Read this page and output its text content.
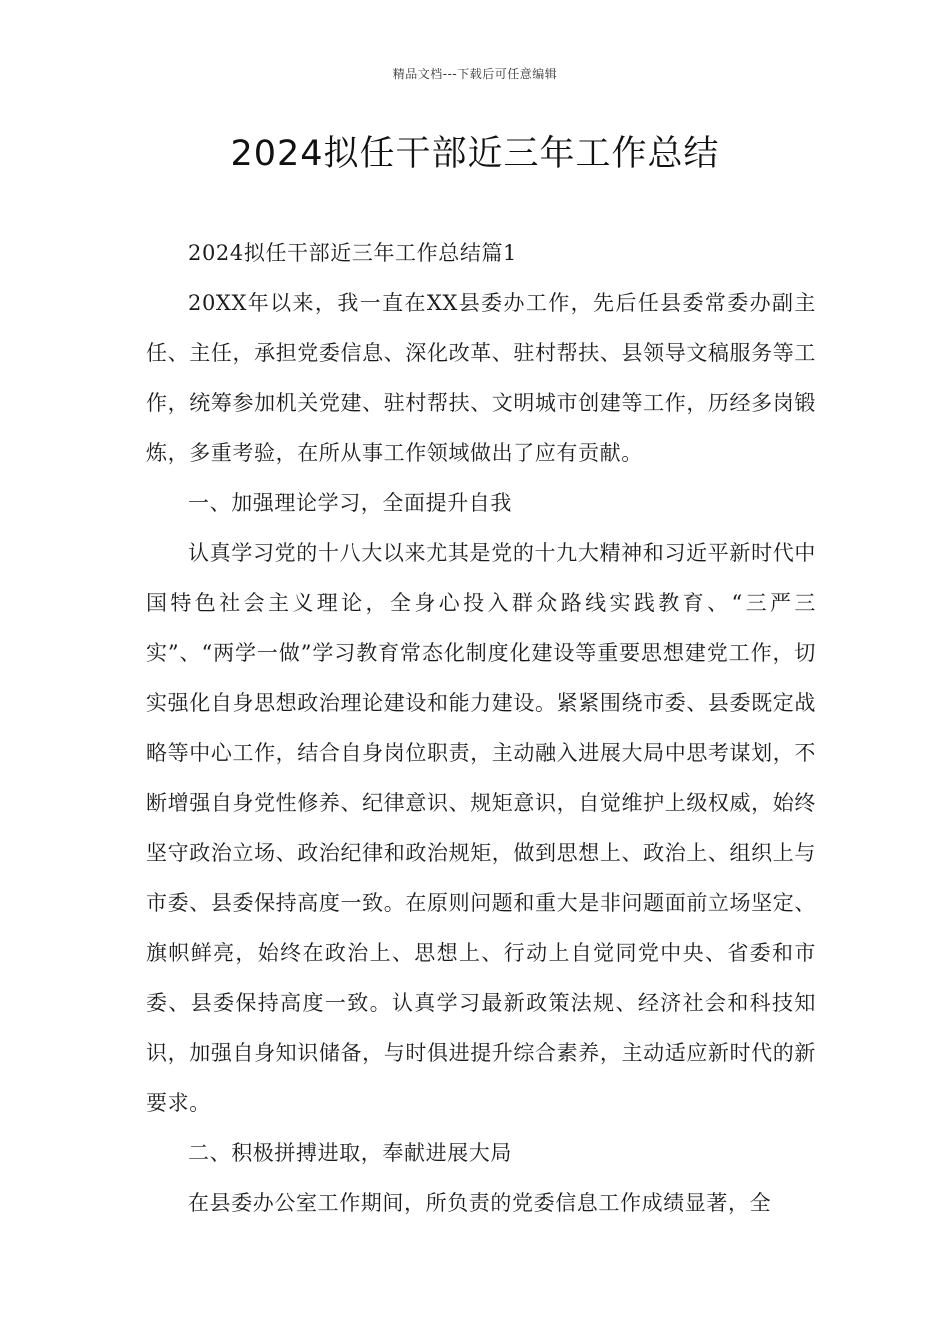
精品文档---下载后可任意编辑
2024拟任干部近三年工作总结

2024拟任干部近三年工作总结篇1

20XX年以来，我一直在XX县委办工作，先后任县委常委办副主任、主任，承担党委信息、深化改革、驻村帮扶、县领导文稿服务等工作，统筹参加机关党建、驻村帮扶、文明城市创建等工作，历经多岗锻炼，多重考验，在所从事工作领域做出了应有贡献。

一、加强理论学习，全面提升自我

认真学习党的十八大以来尤其是党的十九大精神和习近平新时代中国特色社会主义理论，全身心投入群众路线实践教育、“三严三实”、“两学一做”学习教育常态化制度化建设等重要思想建党工作，切实强化自身思想政治理论建设和能力建设。紧紧围绕市委、县委既定战略等中心工作，结合自身岗位职责，主动融入进展大局中思考谋划，不断增强自身党性修养、纪律意识、规矩意识，自觉维护上级权威，始终坚守政治立场、政治纪律和政治规矩，做到思想上、政治上、组织上与市委、县委保持高度一致。在原则问题和重大是非问题面前立场坚定、旗帜鲜亮，始终在政治上、思想上、行动上自觉同党中央、省委和市委、县委保持高度一致。认真学习最新政策法规、经济社会和科技知识，加强自身知识储备，与时俱进提升综合素养，主动适应新时代的新要求。

二、积极拼搏进取，奉献进展大局

在县委办公室工作期间，所负责的党委信息工作成绩显著，全
